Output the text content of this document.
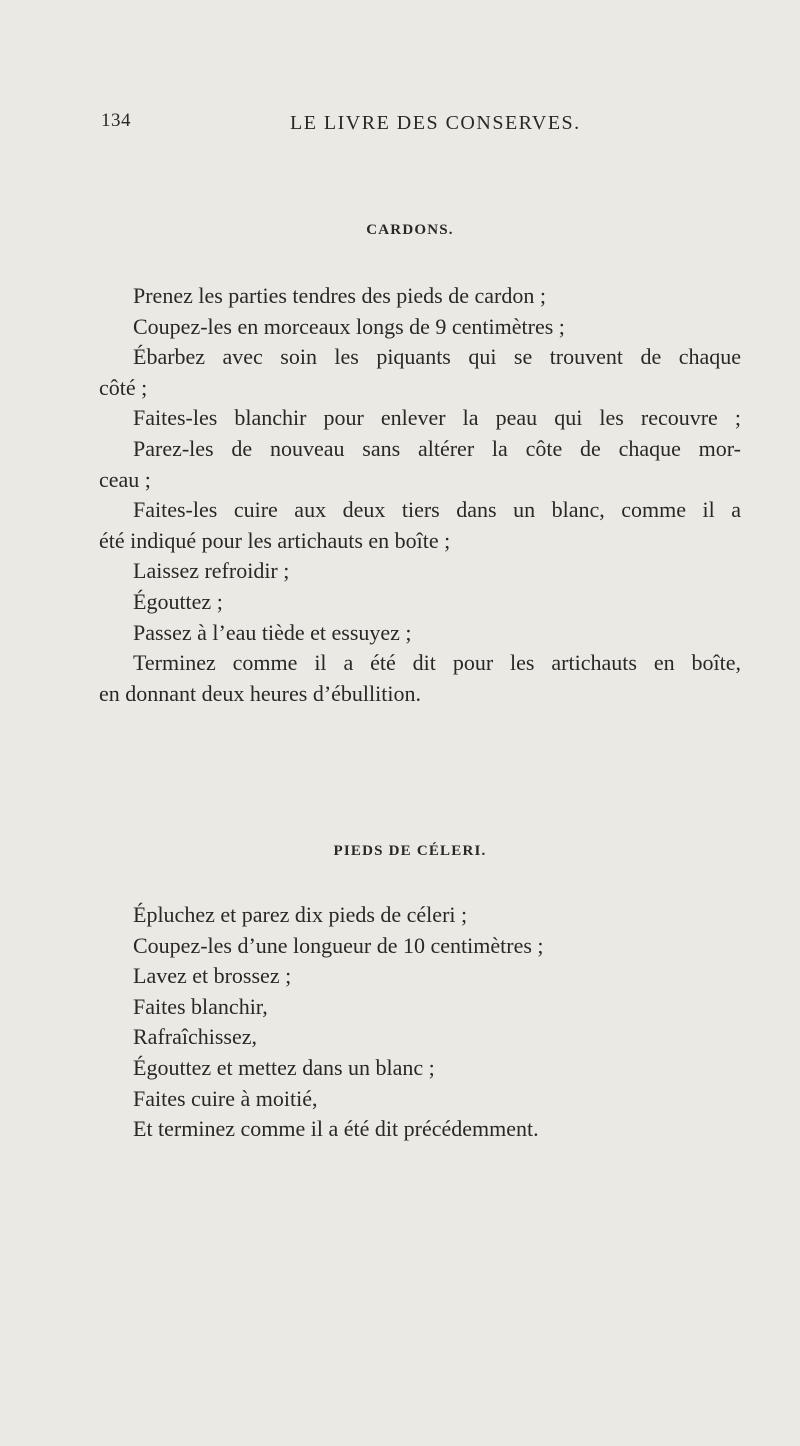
134	LE LIVRE DES CONSERVES.
CARDONS.
Prenez les parties tendres des pieds de cardon ;
Coupez-les en morceaux longs de 9 centimètres ;
Ébarbez avec soin les piquants qui se trouvent de chaque
côté ;
Faites-les blanchir pour enlever la peau qui les recouvre ;
Parez-les de nouveau sans altérer la côte de chaque mor-
ceau ;
Faites-les cuire aux deux tiers dans un blanc, comme il a
été indiqué pour les artichauts en boîte ;
Laissez refroidir ;
Égouttez ;
Passez à l’eau tiède et essuyez ;
Terminez comme il a été dit pour les artichauts en boîte,
en donnant deux heures d’ébullition.
PIEDS DE CÉLERI.
Épluchez et parez dix pieds de céleri ;
Coupez-les d’une longueur de 10 centimètres ;
Lavez et brossez ;
Faites blanchir,
Rafraîchissez,
Égouttez et mettez dans un blanc ;
Faites cuire à moitié,
Et terminez comme il a été dit précédemment.
